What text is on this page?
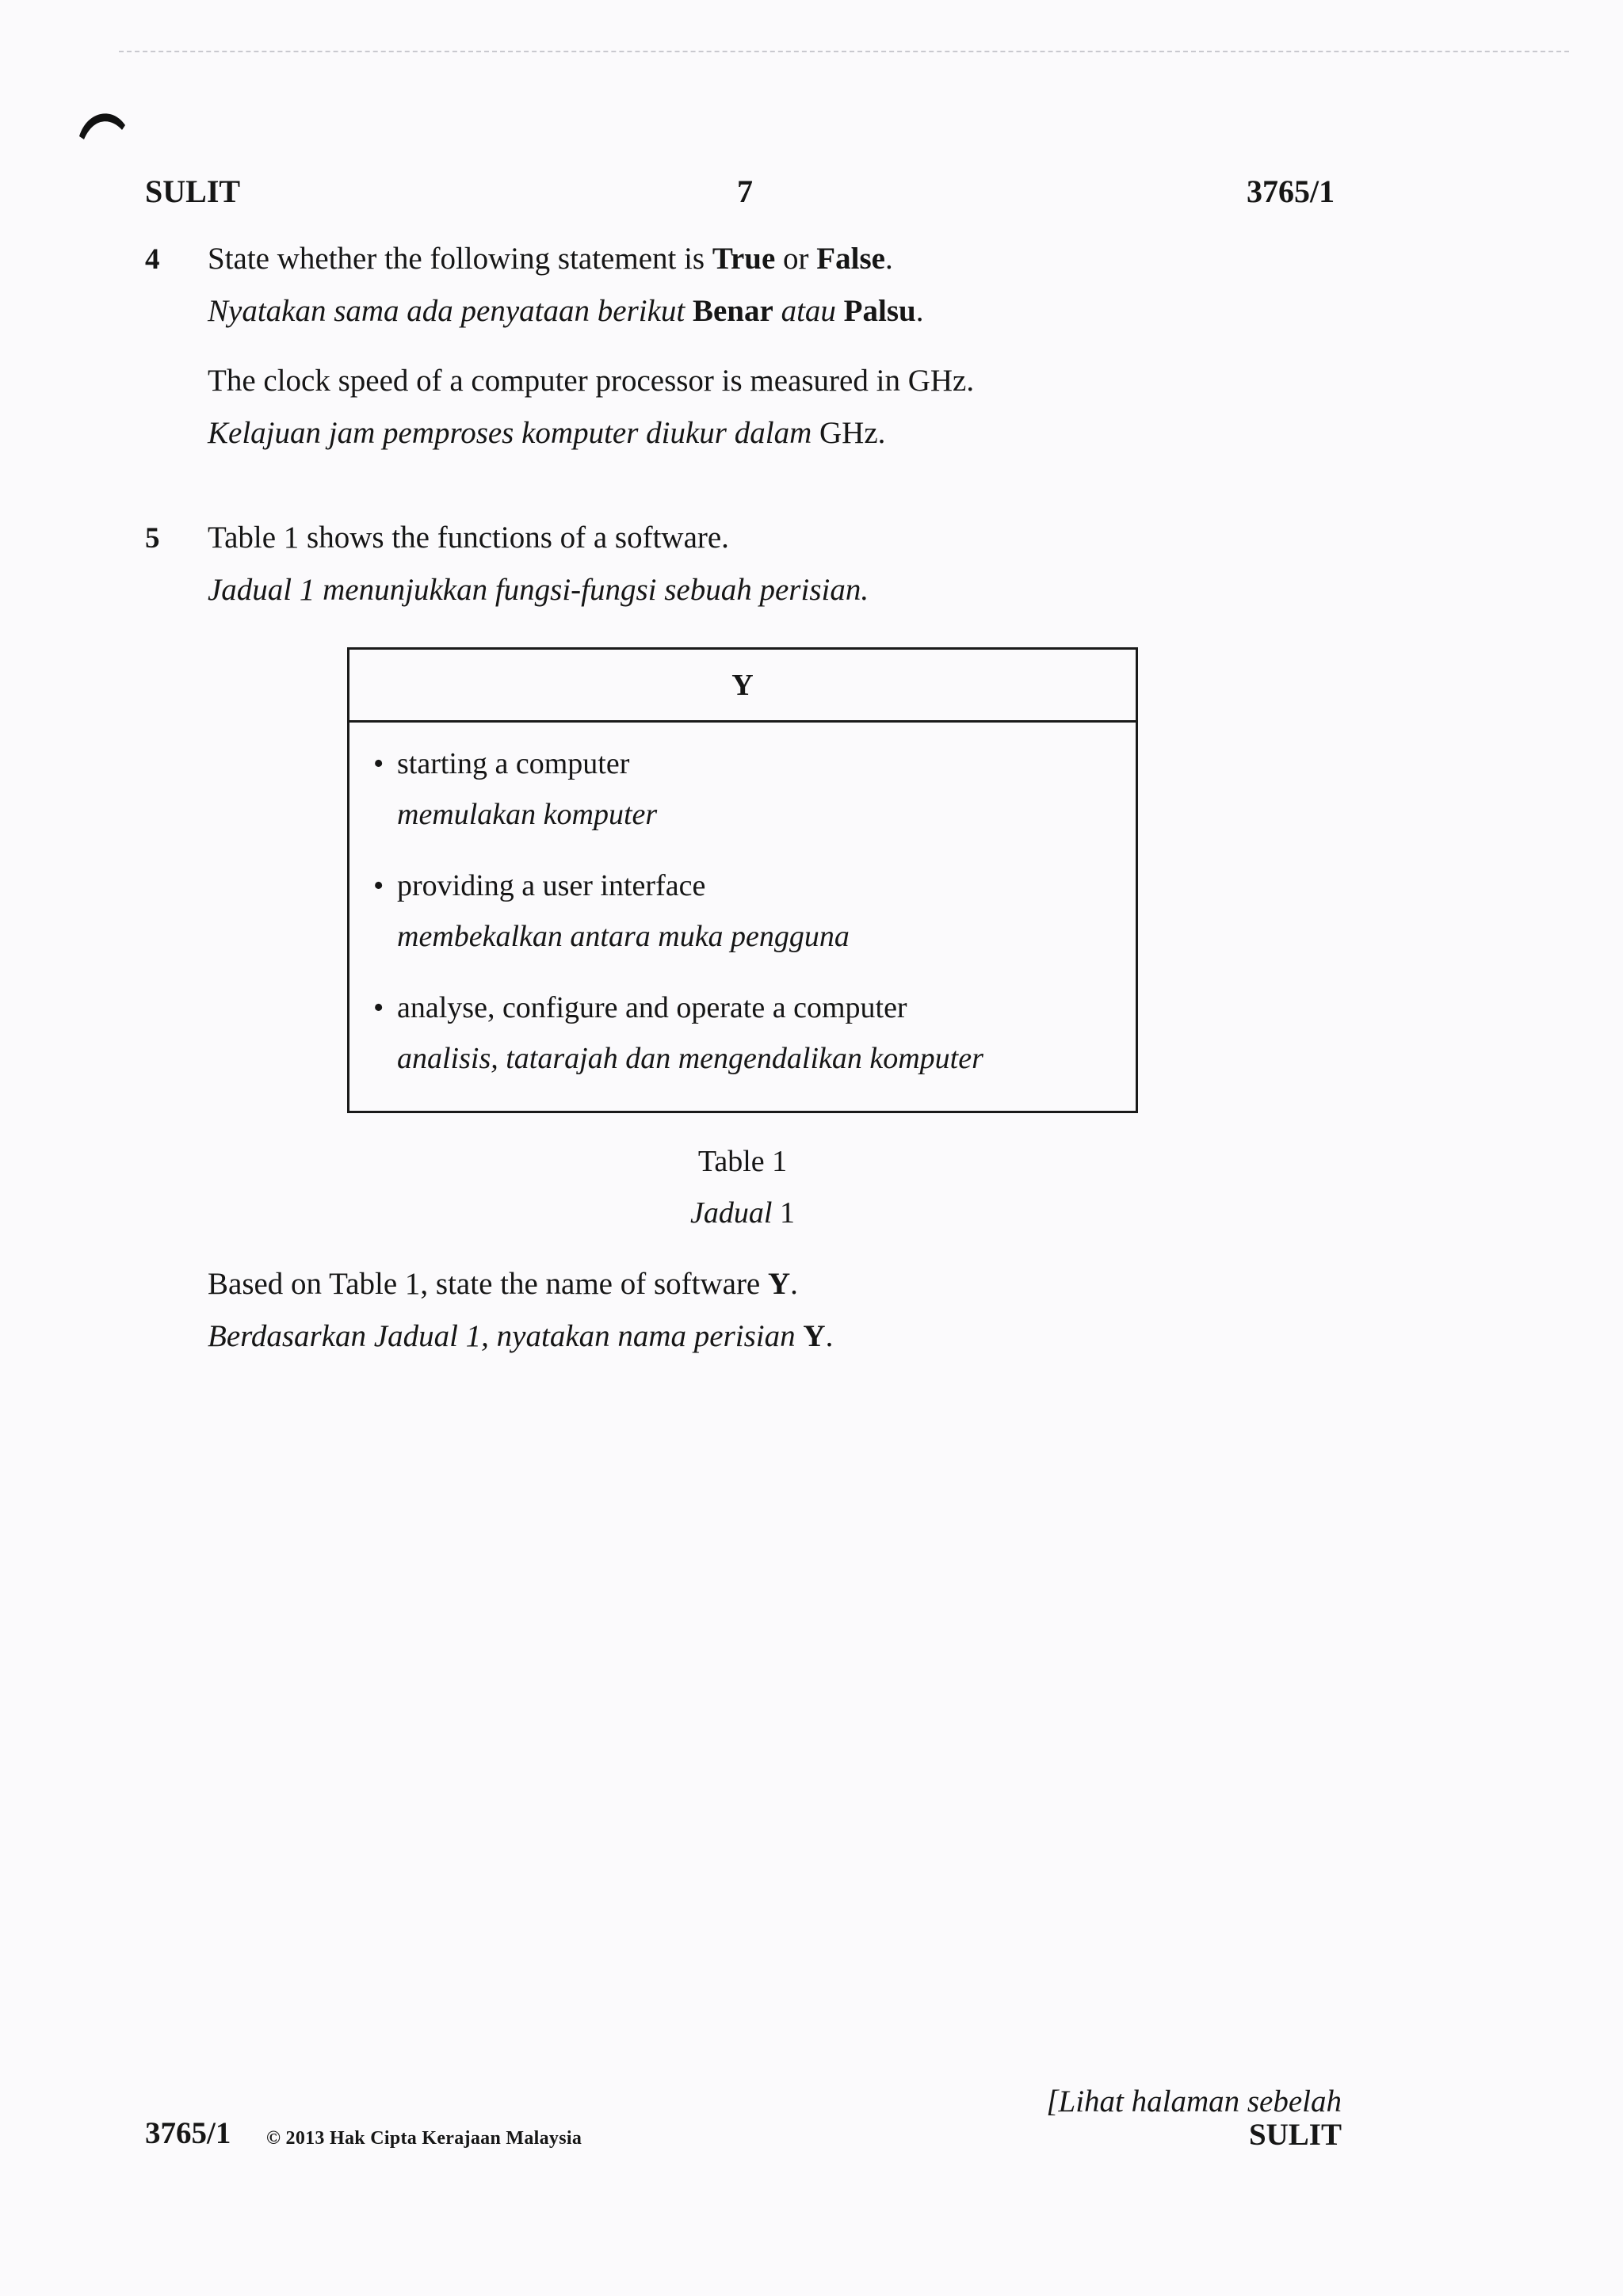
SULIT	7	3765/1
4 State whether the following statement is True or False.
Nyatakan sama ada penyataan berikut Benar atau Palsu.
The clock speed of a computer processor is measured in GHz.
Kelajuan jam pemproses komputer diukur dalam GHz.
5 Table 1 shows the functions of a software.
Jadual 1 menunjukkan fungsi-fungsi sebuah perisian.
Y
• starting a computer
memulakan komputer
• providing a user interface
membekalkan antara muka pengguna
• analyse, configure and operate a computer
analisis, tatarajah dan mengendalikan komputer
Table 1
Jadual 1
Based on Table 1, state the name of software Y.
Berdasarkan Jadual 1, nyatakan nama perisian Y.
3765/1 © 2013 Hak Cipta Kerajaan Malaysia
[Lihat halaman sebelah
SULIT
